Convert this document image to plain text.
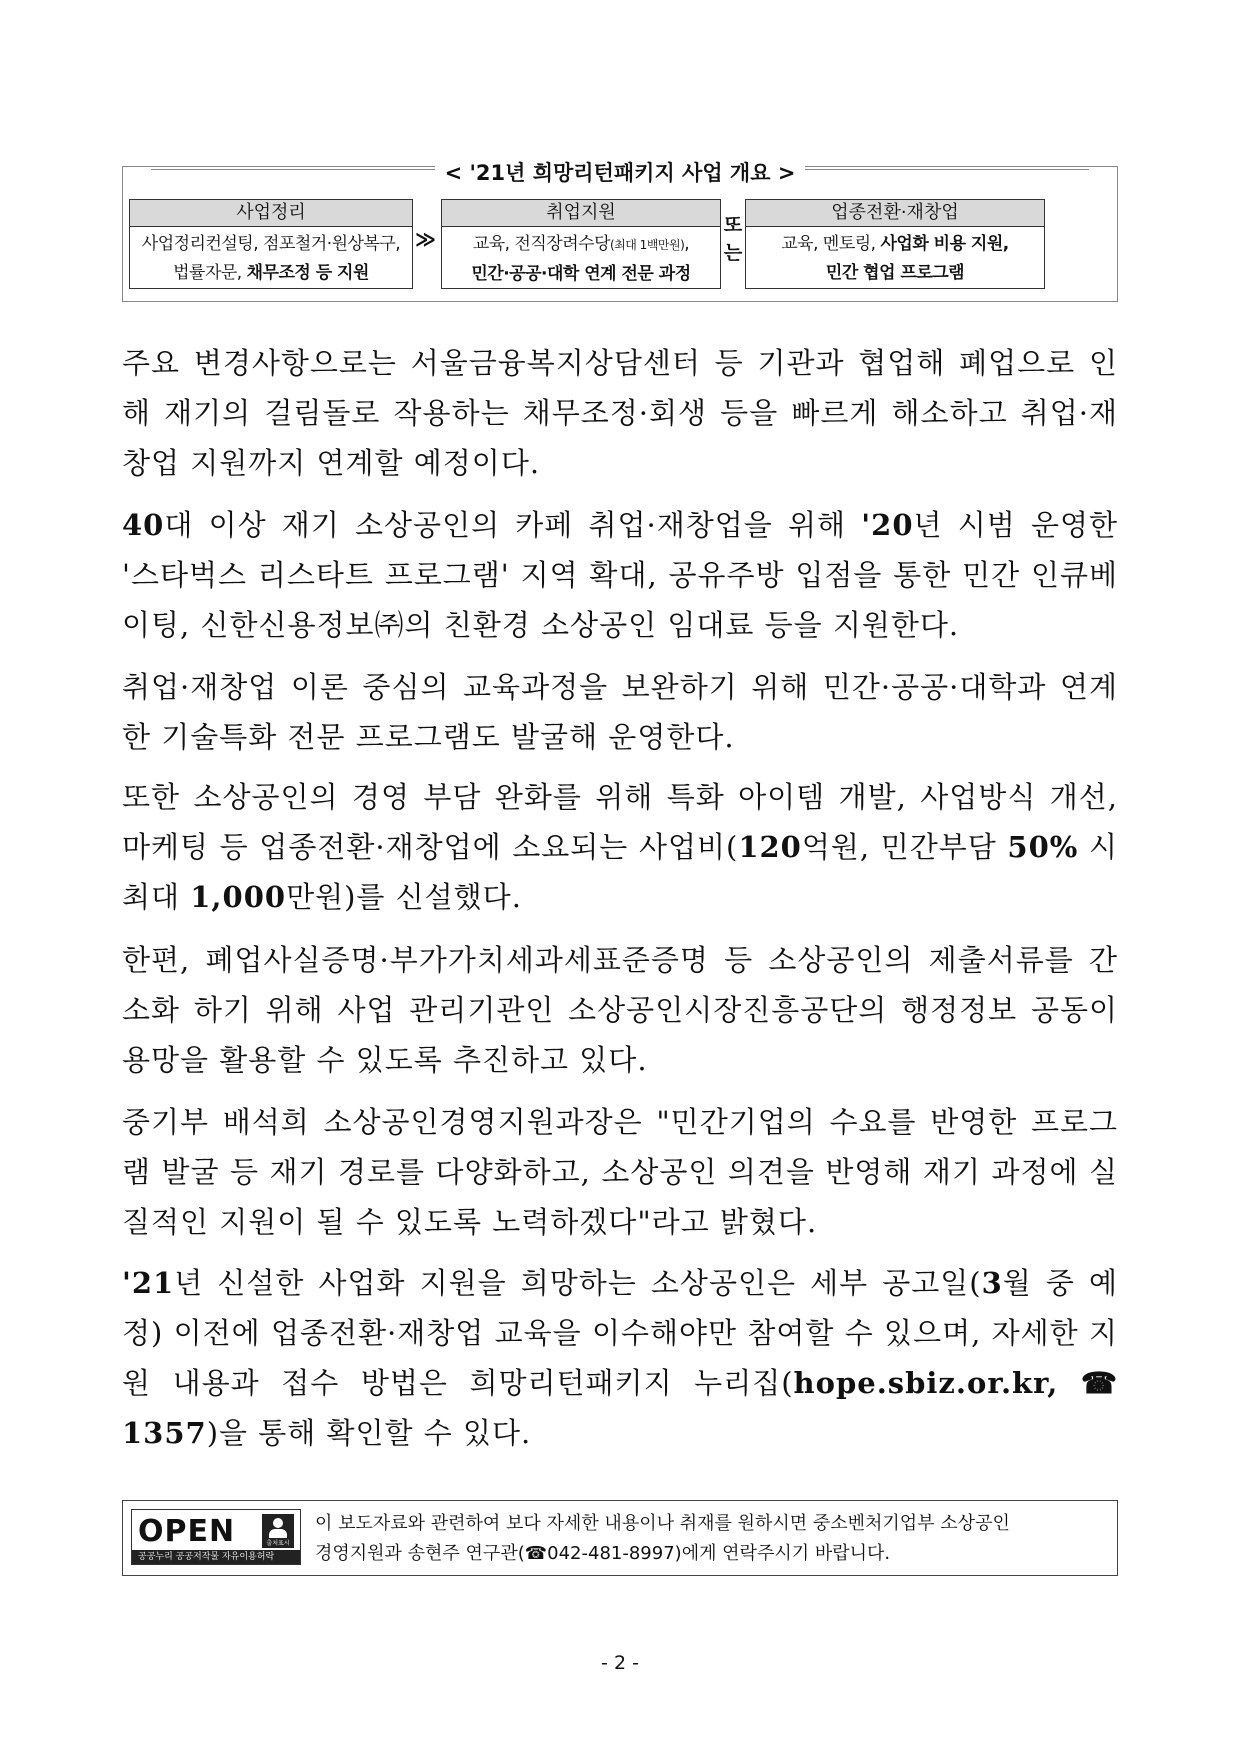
< '21년 희망리턴패키지 사업 개요 >
사업정리
사업정리컨설팅, 점포철거·원상복구,
법률자문, 채무조정 등 지원
≫
취업지원
교육, 전직장려수당(최대 1백만원),
민간·공공·대학 연계 전문 과정
또
는
업종전환·재창업
교육, 멘토링, 사업화 비용 지원,
민간 협업 프로그램

주요 변경사항으로는 서울금융복지상담센터 등 기관과 협업해 폐업으로 인해 재기의 걸림돌로 작용하는 채무조정·회생 등을 빠르게 해소하고 취업·재창업 지원까지 연계할 예정이다.

40대 이상 재기 소상공인의 카페 취업·재창업을 위해 '20년 시범 운영한 '스타벅스 리스타트 프로그램' 지역 확대, 공유주방 입점을 통한 민간 인큐베이팅, 신한신용정보㈜의 친환경 소상공인 임대료 등을 지원한다.

취업·재창업 이론 중심의 교육과정을 보완하기 위해 민간·공공·대학과 연계한 기술특화 전문 프로그램도 발굴해 운영한다.

또한 소상공인의 경영 부담 완화를 위해 특화 아이템 개발, 사업방식 개선, 마케팅 등 업종전환·재창업에 소요되는 사업비(120억원, 민간부담 50% 시 최대 1,000만원)를 신설했다.

한편, 폐업사실증명·부가가치세과세표준증명 등 소상공인의 제출서류를 간소화 하기 위해 사업 관리기관인 소상공인시장진흥공단의 행정정보 공동이용망을 활용할 수 있도록 추진하고 있다.

중기부 배석희 소상공인경영지원과장은 "민간기업의 수요를 반영한 프로그램 발굴 등 재기 경로를 다양화하고, 소상공인 의견을 반영해 재기 과정에 실질적인 지원이 될 수 있도록 노력하겠다"라고 밝혔다.

'21년 신설한 사업화 지원을 희망하는 소상공인은 세부 공고일(3월 중 예정) 이전에 업종전환·재창업 교육을 이수해야만 참여할 수 있으며, 자세한 지원 내용과 접수 방법은 희망리턴패키지 누리집(hope.sbiz.or.kr, ☎ 1357)을 통해 확인할 수 있다.

OPEN	출처표시
공공누리 공공저작물 자유이용허락
이 보도자료와 관련하여 보다 자세한 내용이나 취재를 원하시면 중소벤처기업부 소상공인
경영지원과 송현주 연구관(☎042-481-8997)에게 연락주시기 바랍니다.
- 2 -
